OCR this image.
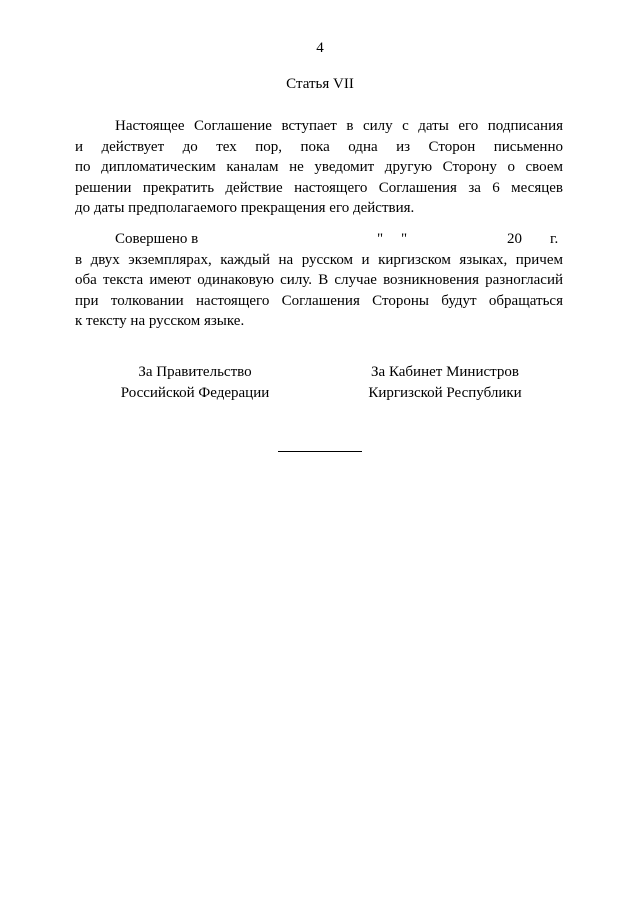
4
Статья VII
Настоящее Соглашение вступает в силу с даты его подписания
и действует до тех пор, пока одна из Сторон письменно
по дипломатическим каналам не уведомит другую Сторону о своем
решении прекратить действие настоящего Соглашения за 6 месяцев
до даты предполагаемого прекращения его действия.
Совершено в	" "	20 г.
в двух экземплярах, каждый на русском и киргизском языках, причем
оба текста имеют одинаковую силу. В случае возникновения разногласий
при толковании настоящего Соглашения Стороны будут обращаться
к тексту на русском языке.
За Правительство
Российской Федерации
За Кабинет Министров
Киргизской Республики
